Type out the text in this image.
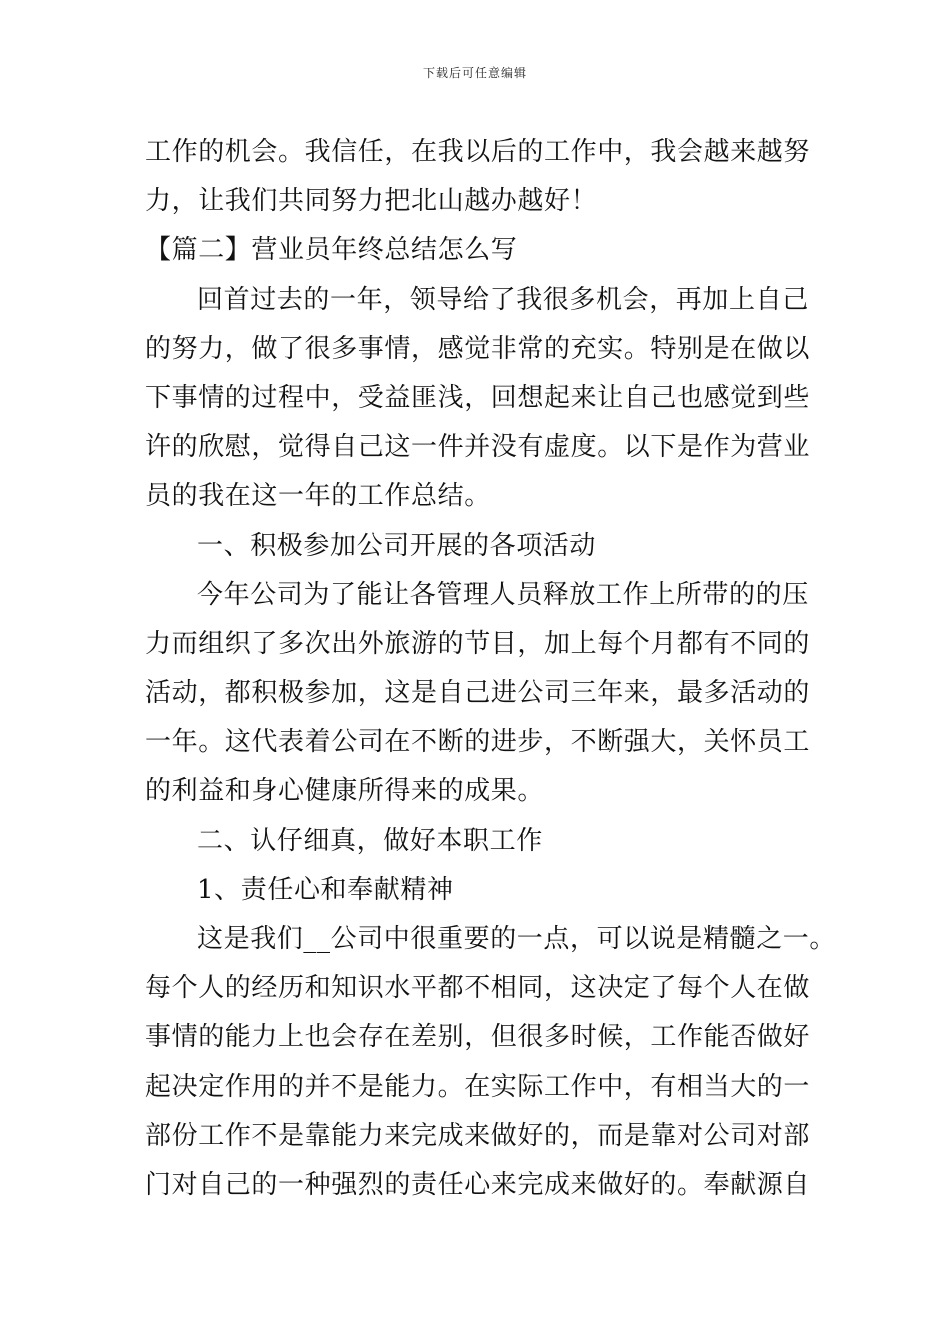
下载后可任意编辑
工作的机会。我信任，在我以后的工作中，我会越来越努
力，让我们共同努力把北山越办越好！
【篇二】营业员年终总结怎么写
回首过去的一年，领导给了我很多机会，再加上自己
的努力，做了很多事情，感觉非常的充实。特别是在做以
下事情的过程中，受益匪浅，回想起来让自己也感觉到些
许的欣慰，觉得自己这一件并没有虚度。以下是作为营业
员的我在这一年的工作总结。
一、积极参加公司开展的各项活动
今年公司为了能让各管理人员释放工作上所带的的压
力而组织了多次出外旅游的节目，加上每个月都有不同的
活动，都积极参加，这是自己进公司三年来，最多活动的
一年。这代表着公司在不断的进步，不断强大，关怀员工
的利益和身心健康所得来的成果。
二、认仔细真，做好本职工作
1、责任心和奉献精神
这是我们__公司中很重要的一点，可以说是精髓之一。
每个人的经历和知识水平都不相同，这决定了每个人在做
事情的能力上也会存在差别，但很多时候，工作能否做好
起决定作用的并不是能力。在实际工作中，有相当大的一
部份工作不是靠能力来完成来做好的，而是靠对公司对部
门对自己的一种强烈的责任心来完成来做好的。奉献源自
